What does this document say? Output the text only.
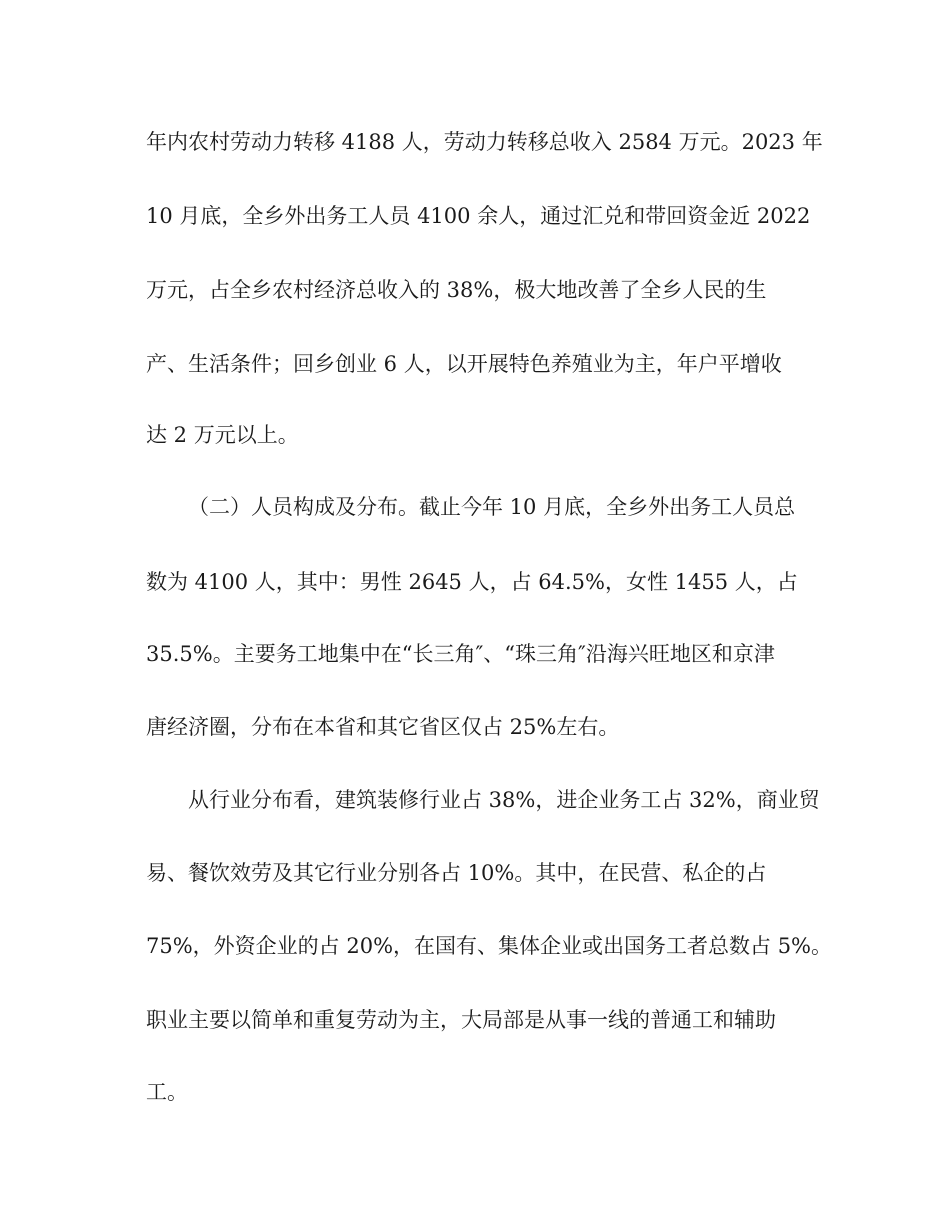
年内农村劳动力转移 4188 人，劳动力转移总收入 2584 万元。2023 年
10 月底，全乡外出务工人员 4100 余人，通过汇兑和带回资金近 2022
万元，占全乡农村经济总收入的 38%，极大地改善了全乡人民的生
产、生活条件；回乡创业 6 人，以开展特色养殖业为主，年户平增收
达 2 万元以上。
（二）人员构成及分布。截止今年 10 月底，全乡外出务工人员总
数为 4100 人，其中：男性 2645 人，占 64.5%，女性 1455 人，占
35.5%。主要务工地集中在“长三角″、“珠三角″沿海兴旺地区和京津
唐经济圈，分布在本省和其它省区仅占 25%左右。
从行业分布看，建筑装修行业占 38%，进企业务工占 32%，商业贸
易、餐饮效劳及其它行业分别各占 10%。其中，在民营、私企的占
75%，外资企业的占 20%，在国有、集体企业或出国务工者总数占 5%。
职业主要以简单和重复劳动为主，大局部是从事一线的普通工和辅助
工。
